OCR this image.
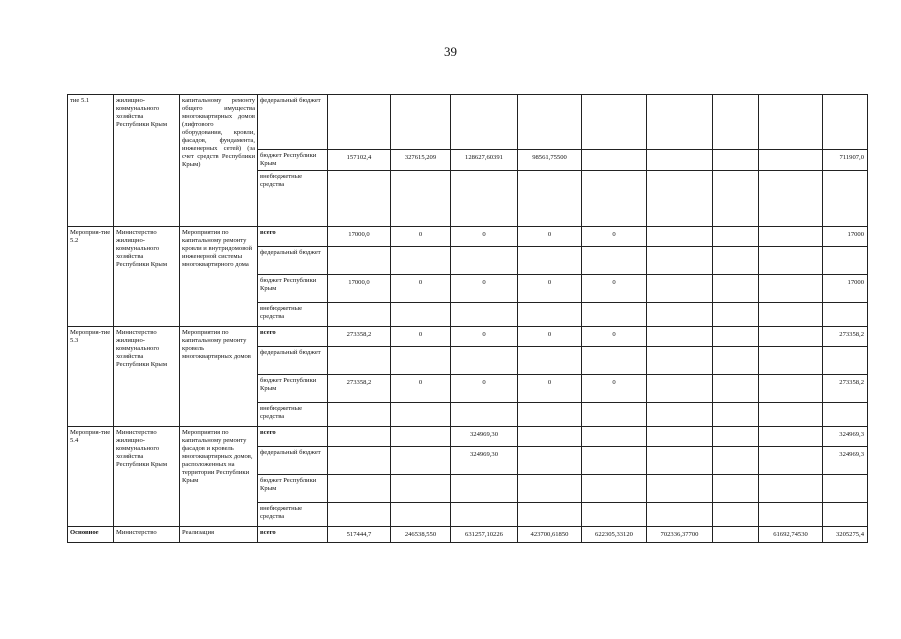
39
тие 5.1	жилищно-коммунального хозяйства Республики Крым	капитальному ремонту общего имущества многоквартирных домов (лифтового оборудования, кровли, фасадов, фундамента, инженерных сетей) (за счет средств Республики Крым)	федеральный бюджет									
			бюджет Республики Крым	157102,4	327615,209	128627,60391	98561,75500					711907,0
			внебюджетные средства									
Мероприя-тие 5.2	Министерство жилищно-коммунального хозяйства Республики Крым	Мероприятия по капитальному ремонту кровли и внутридомовой инженерной системы многоквартирного дома	всего	17000,0	0	0	0	0				17000
			федеральный бюджет									
			бюджет Республики Крым	17000,0	0	0	0	0				17000
			внебюджетные средства									
Мероприя-тие 5.3	Министерство жилищно-коммунального хозяйства Республики Крым	Мероприятия по капитальному ремонту кровель многоквартирных домов	всего	273358,2	0	0	0	0				273358,2
			федеральный бюджет									
			бюджет Республики Крым	273358,2	0	0	0	0				273358,2
			внебюджетные средства									
Мероприя-тие 5.4	Министерство жилищно-коммунального хозяйства Республики Крым	Мероприятия по капитальному ремонту фасадов и кровель многоквартирных домов, расположенных на территории Республики Крым	всего			324969,30						324969,3
			федеральный бюджет			324969,30						324969,3
			бюджет Республики Крым									
			внебюджетные средства									
Основное	Министерство	Реализация	всего	517444,7	246538,550	631257,10226	423700,61850	622305,33120	702336,37700		61692,74530	3205275,4
